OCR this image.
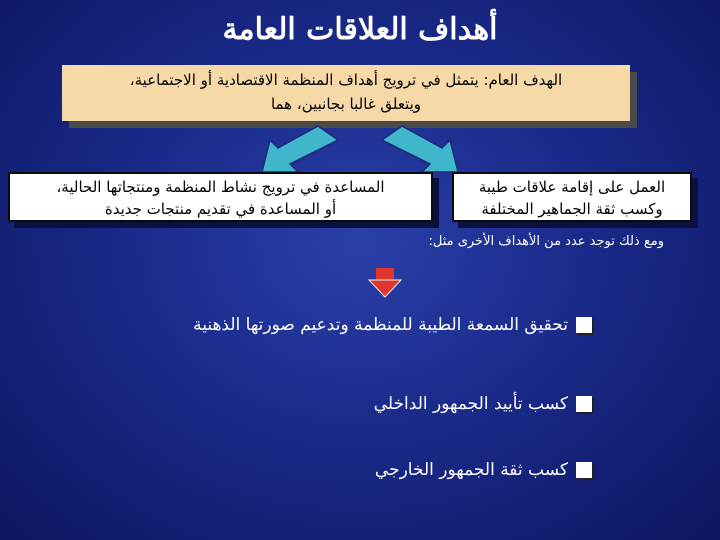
أهداف العلاقات العامة
الهدف العام: يتمثل في ترويج أهداف المنظمة الاقتصادية أو الاجتماعية،
ويتعلق غالبا بجانبين، هما
العمل على إقامة علاقات طيبة
وكسب ثقة الجماهير المختلفة
المساعدة في ترويج نشاط المنظمة ومنتجاتها الحالية،
أو المساعدة في تقديم منتجات جديدة
ومع ذلك توجد عدد من الأهداف الأخرى مثل:
تحقيق السمعة الطيبة للمنظمة وتدعيم صورتها الذهنية
كسب تأييد الجمهور الداخلي
كسب ثقة الجمهور الخارجي
